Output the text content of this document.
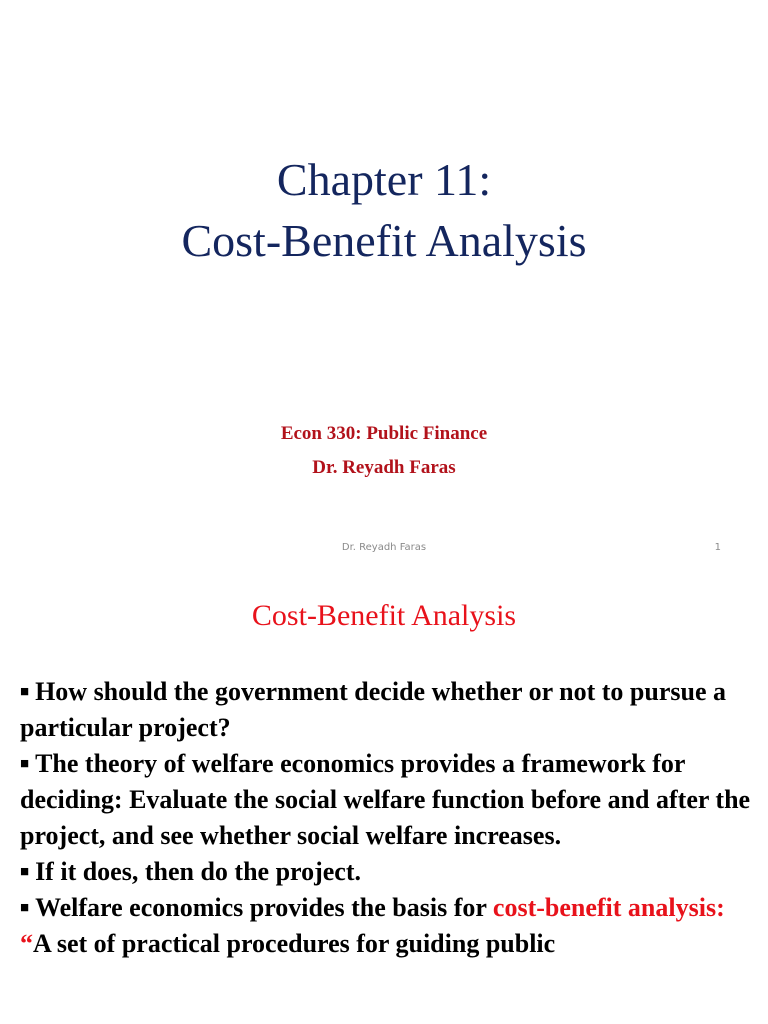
Chapter 11:
Cost-Benefit Analysis
Econ 330: Public Finance
Dr. Reyadh Faras
Dr. Reyadh Faras	1
Cost-Benefit Analysis

■ How should the government decide whether or not to pursue a particular project?

■ The theory of welfare economics provides a framework for deciding: Evaluate the social welfare function before and after the project, and see whether social welfare increases.

■ If it does, then do the project.

■ Welfare economics provides the basis for cost-benefit analysis:

“A set of practical procedures for guiding public
